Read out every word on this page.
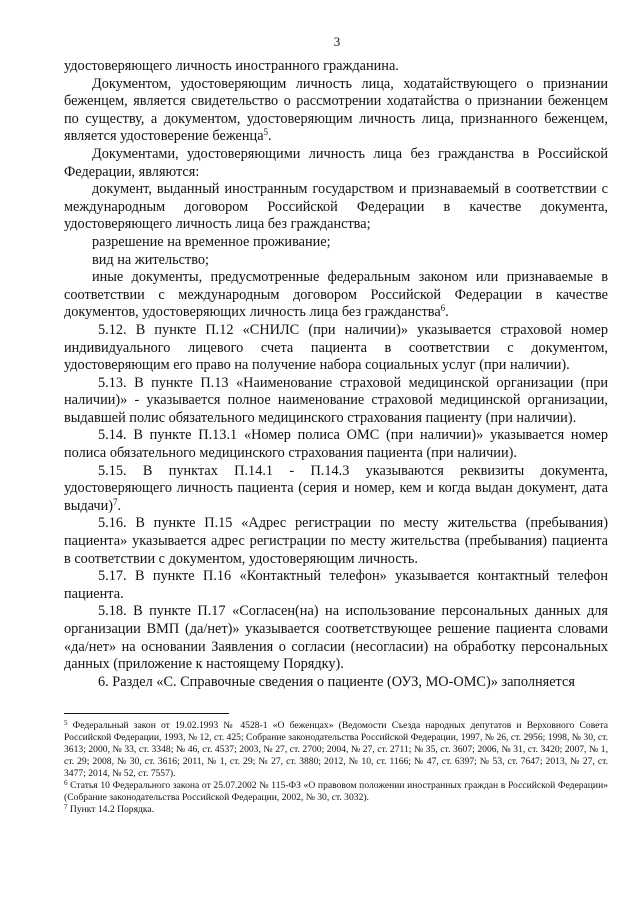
3

удостоверяющего личность иностранного гражданина.

Документом, удостоверяющим личность лица, ходатайствующего о признании беженцем, является свидетельство о рассмотрении ходатайства о признании беженцем по существу, а документом, удостоверяющим личность лица, признанного беженцем, является удостоверение беженца$^5$.

Документами, удостоверяющими личность лица без гражданства в Российской Федерации, являются:

документ, выданный иностранным государством и признаваемый в соответствии с международным договором Российской Федерации в качестве документа, удостоверяющего личность лица без гражданства;

разрешение на временное проживание;

вид на жительство;

иные документы, предусмотренные федеральным законом или признаваемые в соответствии с международным договором Российской Федерации в качестве документов, удостоверяющих личность лица без гражданства$^6$.

5.12. В пункте П.12 «СНИЛС (при наличии)» указывается страховой номер индивидуального лицевого счета пациента в соответствии с документом, удостоверяющим его право на получение набора социальных услуг (при наличии).

5.13. В пункте П.13 «Наименование страховой медицинской организации (при наличии)» - указывается полное наименование страховой медицинской организации, выдавшей полис обязательного медицинского страхования пациенту (при наличии).

5.14. В пункте П.13.1 «Номер полиса ОМС (при наличии)» указывается номер полиса обязательного медицинского страхования пациента (при наличии).

5.15. В пунктах П.14.1 - П.14.3 указываются реквизиты документа, удостоверяющего личность пациента (серия и номер, кем и когда выдан документ, дата выдачи)$^7$.

5.16. В пункте П.15 «Адрес регистрации по месту жительства (пребывания) пациента» указывается адрес регистрации по месту жительства (пребывания) пациента в соответствии с документом, удостоверяющим личность.

5.17. В пункте П.16 «Контактный телефон» указывается контактный телефон пациента.

5.18. В пункте П.17 «Согласен(на) на использование персональных данных для организации ВМП (да/нет)» указывается соответствующее решение пациента словами «да/нет» на основании Заявления о согласии (несогласии) на обработку персональных данных (приложение к настоящему Порядку).

6. Раздел «С. Справочные сведения о пациенте (ОУЗ, МО-ОМС)» заполняется

$^5$ Федеральный закон от 19.02.1993 № 4528-1 «О беженцах» (Ведомости Съезда народных депутатов и Верховного Совета Российской Федерации, 1993, № 12, ст. 425; Собрание законодательства Российской Федерации, 1997, № 26, ст. 2956; 1998, № 30, ст. 3613; 2000, № 33, ст. 3348; № 46, ст. 4537; 2003, № 27, ст. 2700; 2004, № 27, ст. 2711; № 35, ст. 3607; 2006, № 31, ст. 3420; 2007, № 1, ст. 29; 2008, № 30, ст. 3616; 2011, № 1, ст. 29; № 27, ст. 3880; 2012, № 10, ст. 1166; № 47, ст. 6397; № 53, ст. 7647; 2013, № 27, ст. 3477; 2014, № 52, ст. 7557).

$^6$ Статья 10 Федерального закона от 25.07.2002 № 115-ФЗ «О правовом положении иностранных граждан в Российской Федерации» (Собрание законодательства Российской Федерации, 2002, № 30, ст. 3032).

$^7$ Пункт 14.2 Порядка.
